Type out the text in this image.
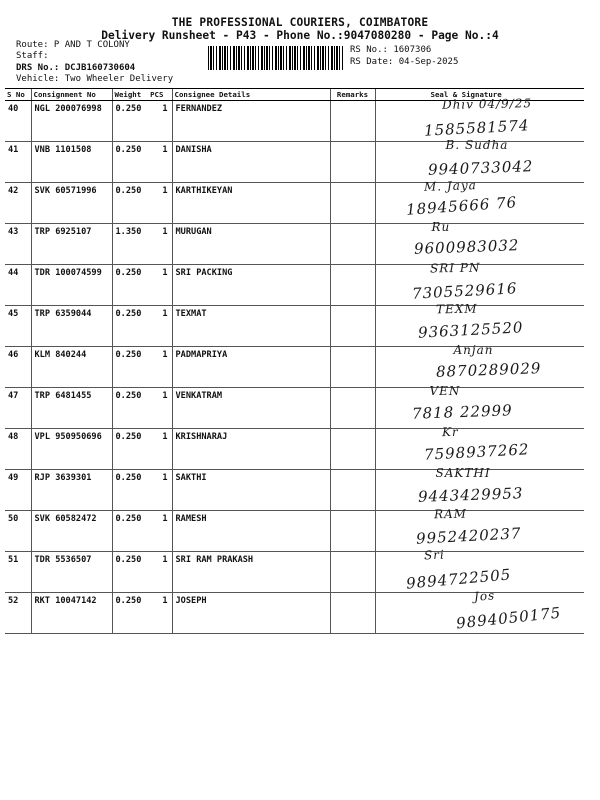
THE PROFESSIONAL COURIERS, COIMBATORE
Delivery Runsheet - P43 - Phone No.:9047080280 - Page No.:4
Route: P AND T COLONY
Staff:
DRS No.: DCJB160730604
Vehicle: Two Wheeler Delivery
RS No.: 1607306
RS Date: 04-Sep-2025
S No	Consignment No	Weight PCS	Consignee Details	Remarks	Seal & Signature
40	NGL 200076998	0.250 1	FERNANDEZ		Dhiv 04/9/25
1585581574

41	VNB 1101508	0.250 1	DANISHA		B. Sudha
9940733042

42	SVK 60571996	0.250 1	KARTHIKEYAN		M. Jaya
18945666 76

43	TRP 6925107	1.350 1	MURUGAN		Ru
9600983032

44	TDR 100074599	0.250 1	SRI PACKING		SRI PN
7305529616

45	TRP 6359044	0.250 1	TEXMAT		TEXM
9363125520

46	KLM 840244	0.250 1	PADMAPRIYA		Anjan
8870289029

47	TRP 6481455	0.250 1	VENKATRAM		VEN
7818 22999

48	VPL 950950696	0.250 1	KRISHNARAJ		Kr
7598937262

49	RJP 3639301	0.250 1	SAKTHI		SAKTHI
9443429953

50	SVK 60582472	0.250 1	RAMESH		RAM
9952420237

51	TDR 5536507	0.250 1	SRI RAM PRAKASH		Sri
9894722505

52	RKT 10047142	0.250 1	JOSEPH		Jos
9894050175
